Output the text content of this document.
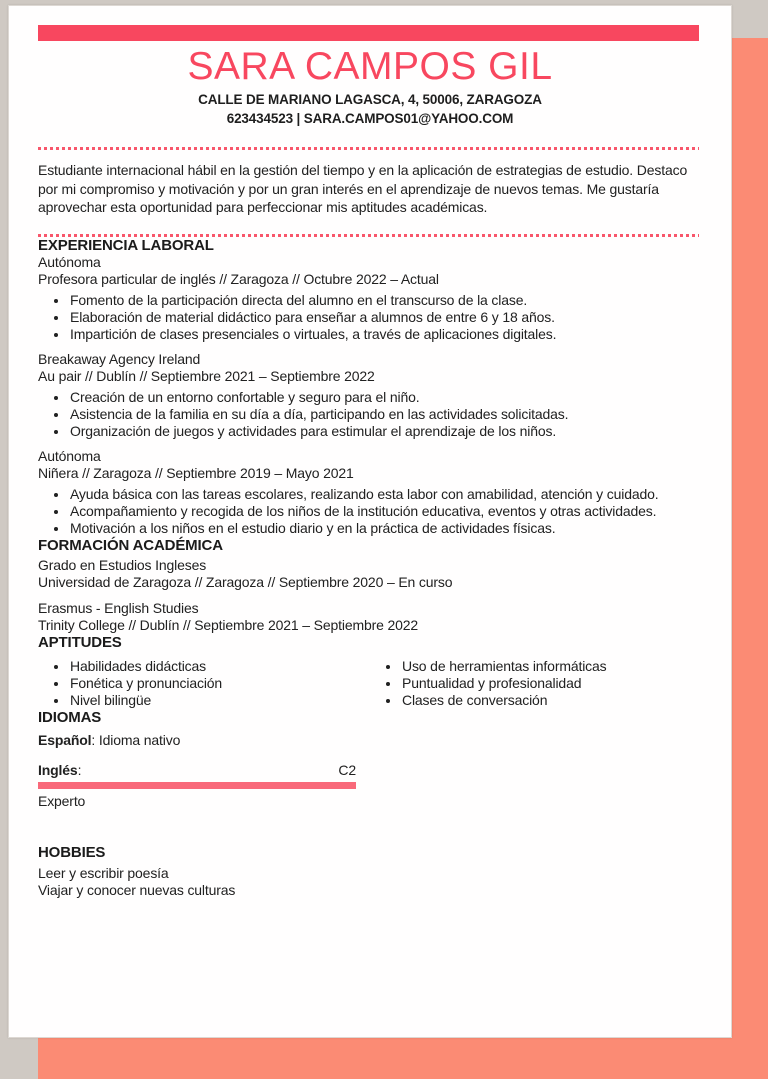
SARA CAMPOS GIL
CALLE DE MARIANO LAGASCA, 4, 50006, ZARAGOZA
623434523 | SARA.CAMPOS01@YAHOO.COM

Estudiante internacional hábil en la gestión del tiempo y en la aplicación de estrategias de estudio. Destaco por mi compromiso y motivación y por un gran interés en el aprendizaje de nuevos temas. Me gustaría aprovechar esta oportunidad para perfeccionar mis aptitudes académicas.

EXPERIENCIA LABORAL
Autónoma
Profesora particular de inglés // Zaragoza // Octubre 2022 – Actual
• Fomento de la participación directa del alumno en el transcurso de la clase.
• Elaboración de material didáctico para enseñar a alumnos de entre 6 y 18 años.
• Impartición de clases presenciales o virtuales, a través de aplicaciones digitales.
Breakaway Agency Ireland
Au pair // Dublín // Septiembre 2021 – Septiembre 2022
• Creación de un entorno confortable y seguro para el niño.
• Asistencia de la familia en su día a día, participando en las actividades solicitadas.
• Organización de juegos y actividades para estimular el aprendizaje de los niños.
Autónoma
Niñera // Zaragoza // Septiembre 2019 – Mayo 2021
• Ayuda básica con las tareas escolares, realizando esta labor con amabilidad, atención y cuidado.
• Acompañamiento y recogida de los niños de la institución educativa, eventos y otras actividades.
• Motivación a los niños en el estudio diario y en la práctica de actividades físicas.
FORMACIÓN ACADÉMICA
Grado en Estudios Ingleses
Universidad de Zaragoza // Zaragoza // Septiembre 2020 – En curso
Erasmus - English Studies
Trinity College // Dublín // Septiembre 2021 – Septiembre 2022
APTITUDES
• Habilidades didácticas
• Fonética y pronunciación
• Nivel bilingüe
• Uso de herramientas informáticas
• Puntualidad y profesionalidad
• Clases de conversación
IDIOMAS
Español: Idioma nativo
Inglés:	C2
Experto
HOBBIES
Leer y escribir poesía
Viajar y conocer nuevas culturas
